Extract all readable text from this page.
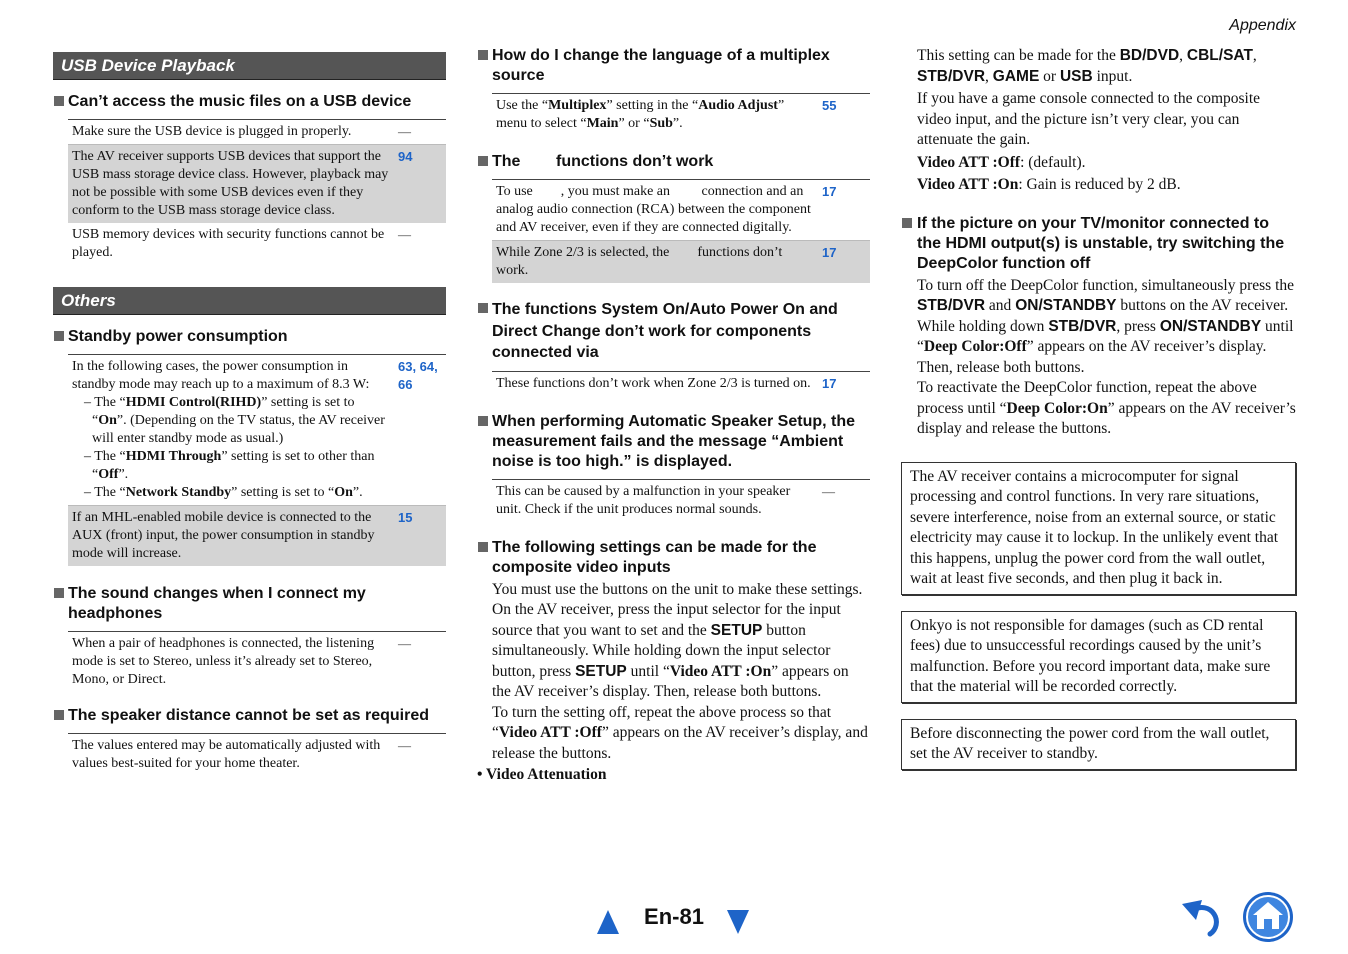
Appendix
USB Device Playback
Can’t access the music files on a USB device
Make sure the USB device is plugged in properly.	—
The AV receiver supports USB devices that support the USB mass storage device class. However, playback may not be possible with some USB devices even if they conform to the USB mass storage device class.
94
USB memory devices with security functions cannot be played.
—
Others
Standby power consumption
In the following cases, the power consumption in standby mode may reach up to a maximum of 8.3 W:
– The “HDMI Control(RIHD)” setting is set to “On”. (Depending on the TV status, the AV receiver will enter standby mode as usual.)
– The “HDMI Through” setting is set to other than “Off”.
– The “Network Standby” setting is set to “On”.
63, 64, 66
If an MHL-enabled mobile device is connected to the AUX (front) input, the power consumption in standby mode will increase.
15
The sound changes when I connect my headphones
When a pair of headphones is connected, the listening mode is set to Stereo, unless it’s already set to Stereo, Mono, or Direct.
—
The speaker distance cannot be set as required
The values entered may be automatically adjusted with values best-suited for your home theater.
—
How do I change the language of a multiplex source
Use the “Multiplex” setting in the “Audio Adjust” menu to select “Main” or “Sub”.
55
The        functions don’t work
To use        , you must make an         connection and an analog audio connection (RCA) between the component and AV receiver, even if they are connected digitally.
17
While Zone 2/3 is selected, the        functions don’t work.
17
The functions System On/Auto Power On and Direct Change don’t work for components connected via
These functions don’t work when Zone 2/3 is turned on. 17
When performing Automatic Speaker Setup, the measurement fails and the message “Ambient noise is too high.” is displayed.
This can be caused by a malfunction in your speaker unit. Check if the unit produces normal sounds.
—
The following settings can be made for the composite video inputs
You must use the buttons on the unit to make these settings.
On the AV receiver, press the input selector for the input source that you want to set and the SETUP button simultaneously. While holding down the input selector button, press SETUP until “Video ATT :On” appears on the AV receiver’s display. Then, release both buttons.
To turn the setting off, repeat the above process so that “Video ATT :Off” appears on the AV receiver’s display, and release the buttons.
• Video Attenuation
This setting can be made for the BD/DVD, CBL/SAT, STB/DVR, GAME or USB input.
If you have a game console connected to the composite video input, and the picture isn’t very clear, you can attenuate the gain.
Video ATT :Off: (default).
Video ATT :On: Gain is reduced by 2 dB.
If the picture on your TV/monitor connected to the HDMI output(s) is unstable, try switching the DeepColor function off
To turn off the DeepColor function, simultaneously press the STB/DVR and ON/STANDBY buttons on the AV receiver. While holding down STB/DVR, press ON/STANDBY until “Deep Color:Off” appears on the AV receiver’s display. Then, release both buttons.
To reactivate the DeepColor function, repeat the above process until “Deep Color:On” appears on the AV receiver’s display and release the buttons.
The AV receiver contains a microcomputer for signal processing and control functions. In very rare situations, severe interference, noise from an external source, or static electricity may cause it to lockup. In the unlikely event that this happens, unplug the power cord from the wall outlet, wait at least five seconds, and then plug it back in.
Onkyo is not responsible for damages (such as CD rental fees) due to unsuccessful recordings caused by the unit’s malfunction. Before you record important data, make sure that the material will be recorded correctly.
Before disconnecting the power cord from the wall outlet, set the AV receiver to standby.
En-81
